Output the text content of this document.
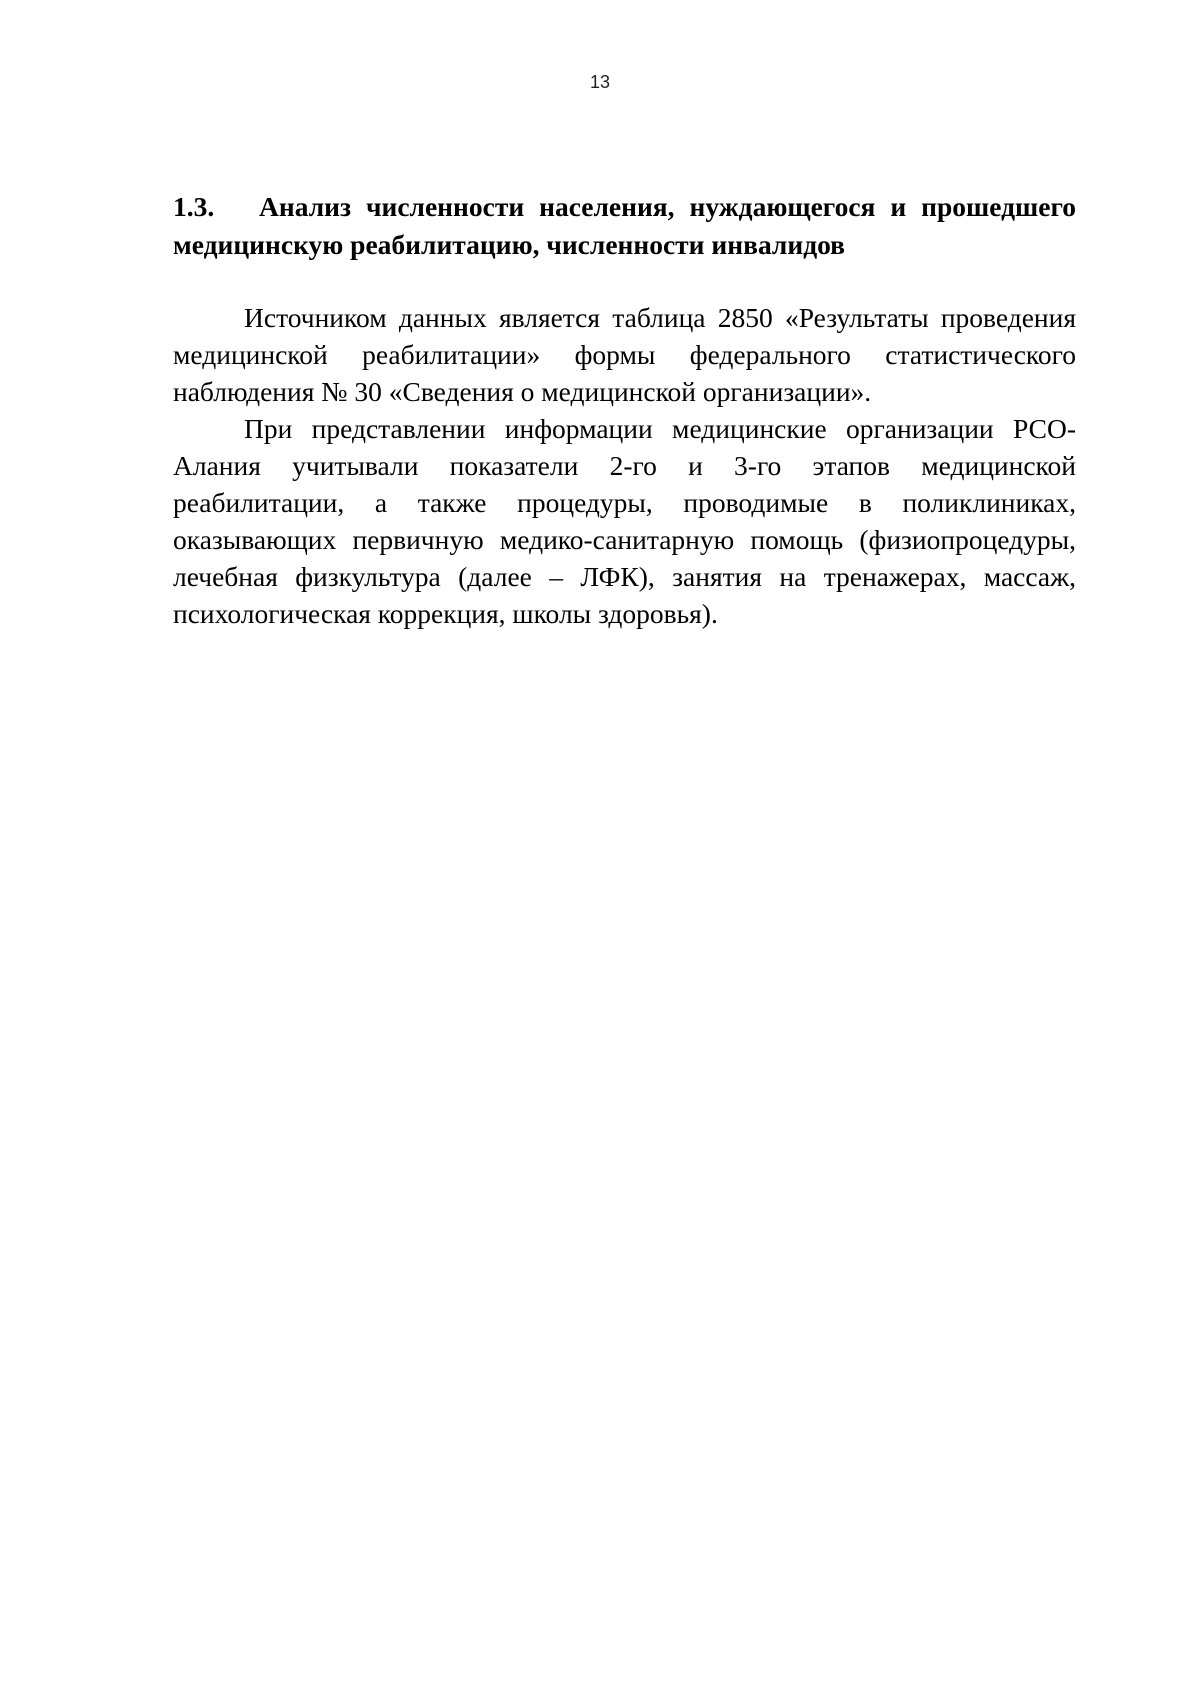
13
1.3. Анализ численности населения, нуждающегося и прошедшего медицинскую реабилитацию, численности инвалидов

Источником данных является таблица 2850 «Результаты проведения медицинской реабилитации» формы федерального статистического наблюдения № 30 «Сведения о медицинской организации».

При представлении информации медицинские организации РСО-Алания учитывали показатели 2-го и 3-го этапов медицинской реабилитации, а также процедуры, проводимые в поликлиниках, оказывающих первичную медико-санитарную помощь (физиопроцедуры, лечебная физкультура (далее – ЛФК), занятия на тренажерах, массаж, психологическая коррекция, школы здоровья).
